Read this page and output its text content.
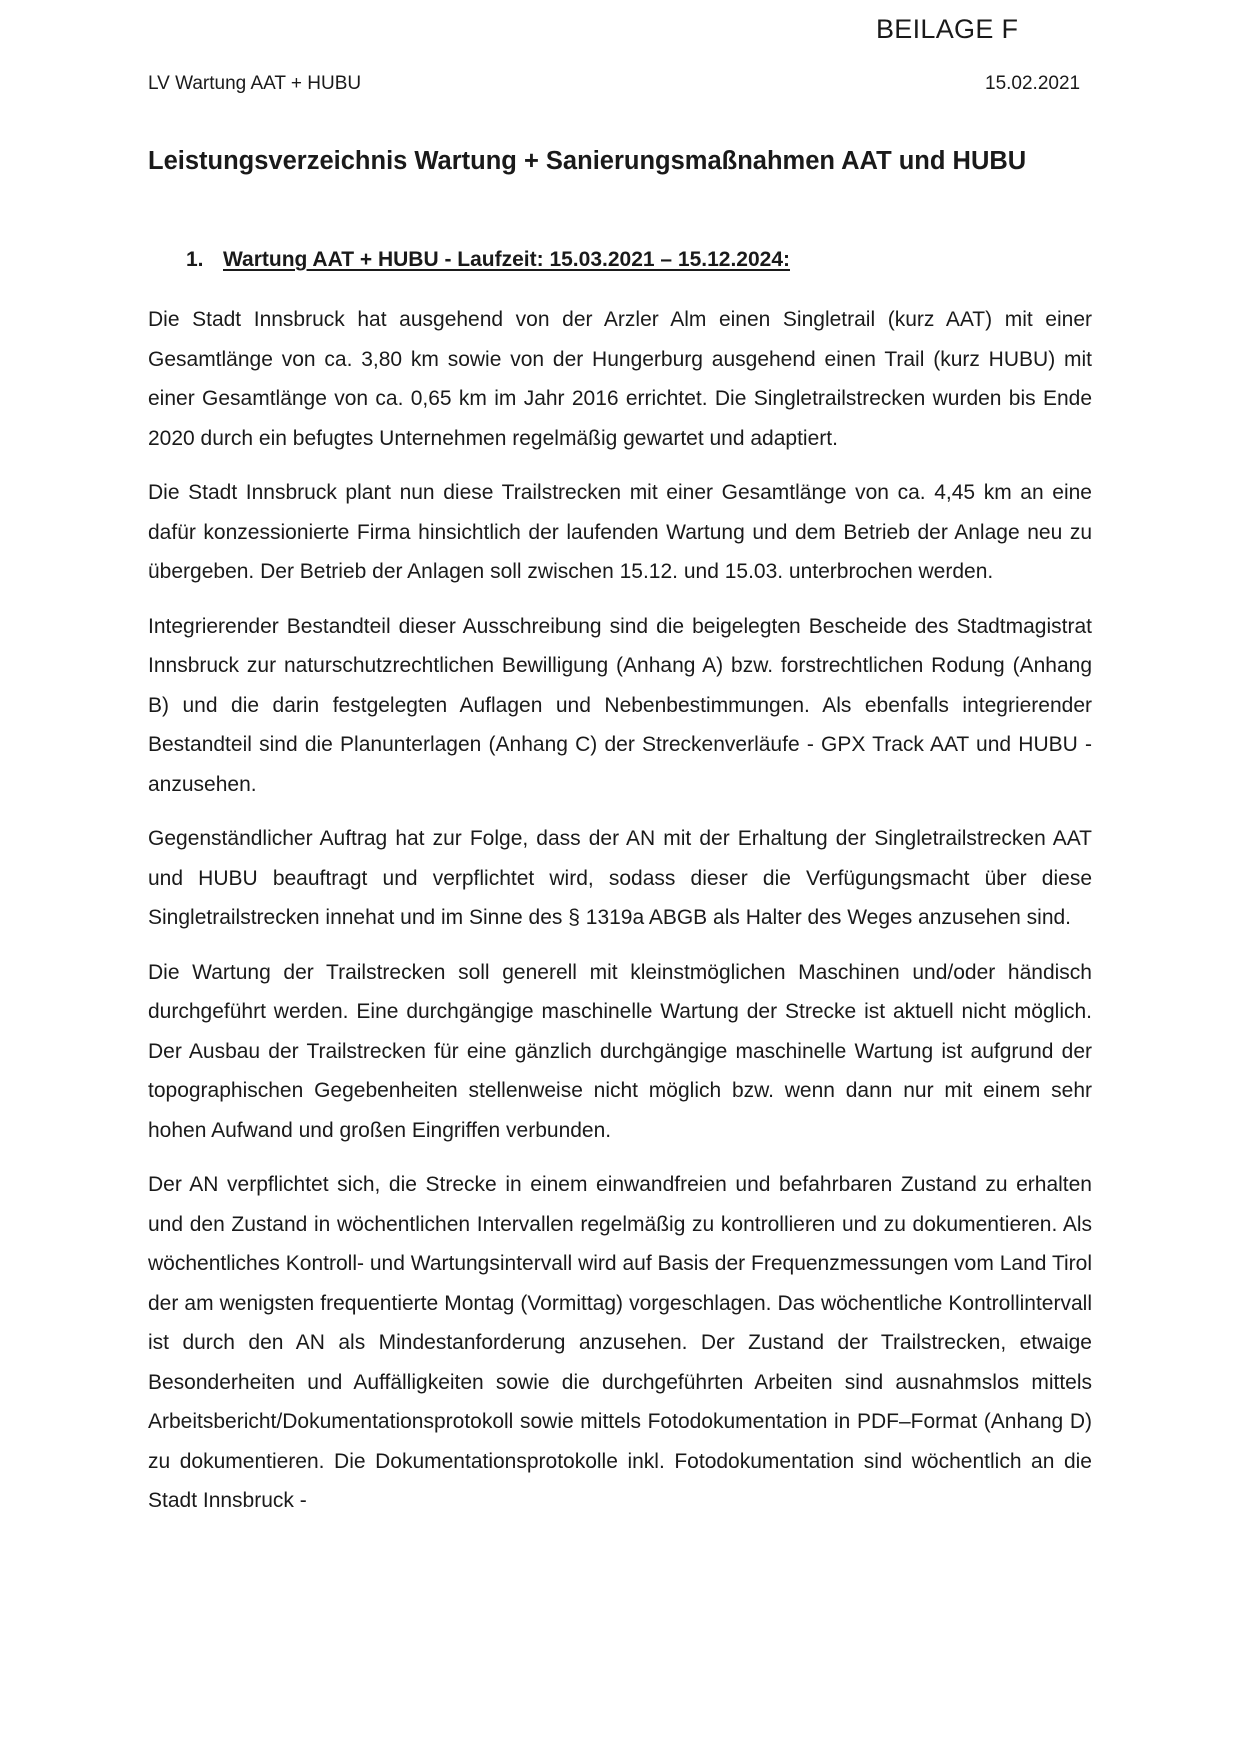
BEILAGE F
LV Wartung AAT + HUBU	15.02.2021
Leistungsverzeichnis Wartung + Sanierungsmaßnahmen AAT und HUBU
1. Wartung AAT + HUBU - Laufzeit: 15.03.2021 – 15.12.2024:

Die Stadt Innsbruck hat ausgehend von der Arzler Alm einen Singletrail (kurz AAT) mit einer Gesamtlänge von ca. 3,80 km sowie von der Hungerburg ausgehend einen Trail (kurz HUBU) mit einer Gesamtlänge von ca. 0,65 km im Jahr 2016 errichtet. Die Singletrailstrecken wurden bis Ende 2020 durch ein befugtes Unternehmen regelmäßig gewartet und adaptiert.

Die Stadt Innsbruck plant nun diese Trailstrecken mit einer Gesamtlänge von ca. 4,45 km an eine dafür konzessionierte Firma hinsichtlich der laufenden Wartung und dem Betrieb der Anlage neu zu übergeben. Der Betrieb der Anlagen soll zwischen 15.12. und 15.03. unterbrochen werden.

Integrierender Bestandteil dieser Ausschreibung sind die beigelegten Bescheide des Stadtmagistrat Innsbruck zur naturschutzrechtlichen Bewilligung (Anhang A) bzw. forstrechtlichen Rodung (Anhang B) und die darin festgelegten Auflagen und Nebenbestimmungen. Als ebenfalls integrierender Bestandteil sind die Planunterlagen (Anhang C) der Streckenverläufe - GPX Track AAT und HUBU - anzusehen.

Gegenständlicher Auftrag hat zur Folge, dass der AN mit der Erhaltung der Singletrailstrecken AAT und HUBU beauftragt und verpflichtet wird, sodass dieser die Verfügungsmacht über diese Singletrailstrecken innehat und im Sinne des § 1319a ABGB als Halter des Weges anzusehen sind.

Die Wartung der Trailstrecken soll generell mit kleinstmöglichen Maschinen und/oder händisch durchgeführt werden. Eine durchgängige maschinelle Wartung der Strecke ist aktuell nicht möglich. Der Ausbau der Trailstrecken für eine gänzlich durchgängige maschinelle Wartung ist aufgrund der topographischen Gegebenheiten stellenweise nicht möglich bzw. wenn dann nur mit einem sehr hohen Aufwand und großen Eingriffen verbunden.

Der AN verpflichtet sich, die Strecke in einem einwandfreien und befahrbaren Zustand zu erhalten und den Zustand in wöchentlichen Intervallen regelmäßig zu kontrollieren und zu dokumentieren. Als wöchentliches Kontroll- und Wartungsintervall wird auf Basis der Frequenzmessungen vom Land Tirol der am wenigsten frequentierte Montag (Vormittag) vorgeschlagen. Das wöchentliche Kontrollintervall ist durch den AN als Mindestanforderung anzusehen. Der Zustand der Trailstrecken, etwaige Besonderheiten und Auffälligkeiten sowie die durchgeführten Arbeiten sind ausnahmslos mittels Arbeitsbericht/Dokumentationsprotokoll sowie mittels Fotodokumentation in PDF–Format (Anhang D) zu dokumentieren. Die Dokumentationsprotokolle inkl. Fotodokumentation sind wöchentlich an die Stadt Innsbruck -
